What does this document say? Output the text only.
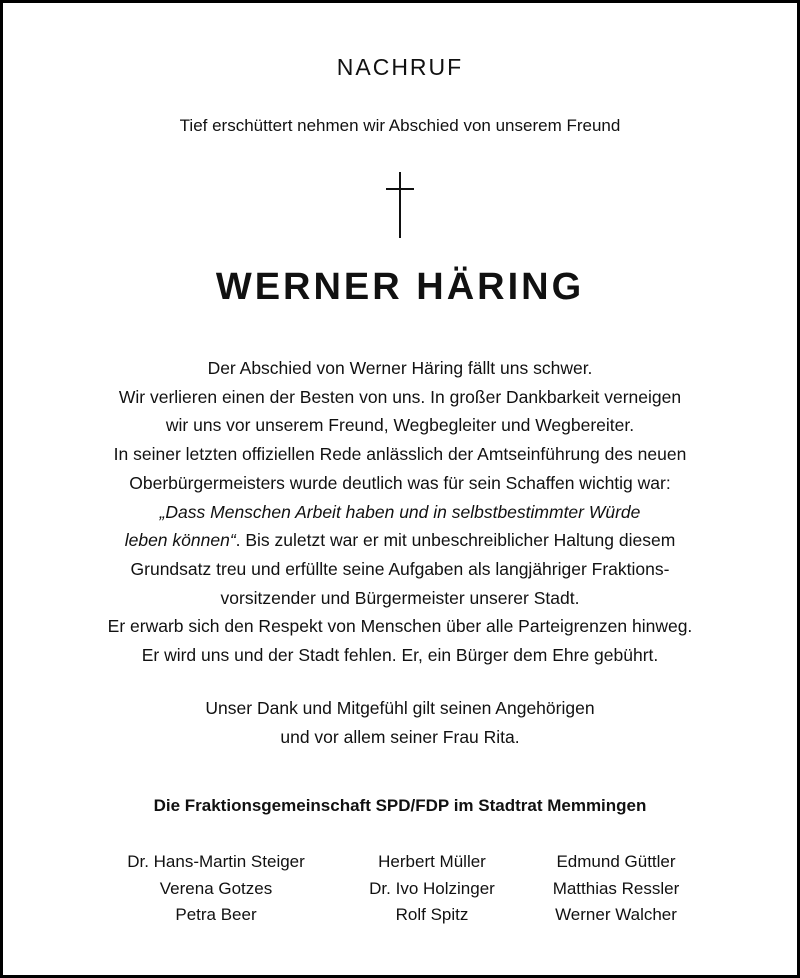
NACHRUF
Tief erschüttert nehmen wir Abschied von unserem Freund
WERNER HÄRING
Der Abschied von Werner Häring fällt uns schwer.
Wir verlieren einen der Besten von uns. In großer Dankbarkeit verneigen
wir uns vor unserem Freund, Wegbegleiter und Wegbereiter.
In seiner letzten offiziellen Rede anlässlich der Amtseinführung des neuen
Oberbürgermeisters wurde deutlich was für sein Schaffen wichtig war:
„Dass Menschen Arbeit haben und in selbstbestimmter Würde
leben können“. Bis zuletzt war er mit unbeschreiblicher Haltung diesem
Grundsatz treu und erfüllte seine Aufgaben als langjähriger Fraktions-
vorsitzender und Bürgermeister unserer Stadt.
Er erwarb sich den Respekt von Menschen über alle Parteigrenzen hinweg.
Er wird uns und der Stadt fehlen. Er, ein Bürger dem Ehre gebührt.
Unser Dank und Mitgefühl gilt seinen Angehörigen
und vor allem seiner Frau Rita.
Die Fraktionsgemeinschaft SPD/FDP im Stadtrat Memmingen
Dr. Hans-Martin Steiger
Verena Gotzes
Petra Beer
Herbert Müller
Dr. Ivo Holzinger
Rolf Spitz
Edmund Güttler
Matthias Ressler
Werner Walcher
